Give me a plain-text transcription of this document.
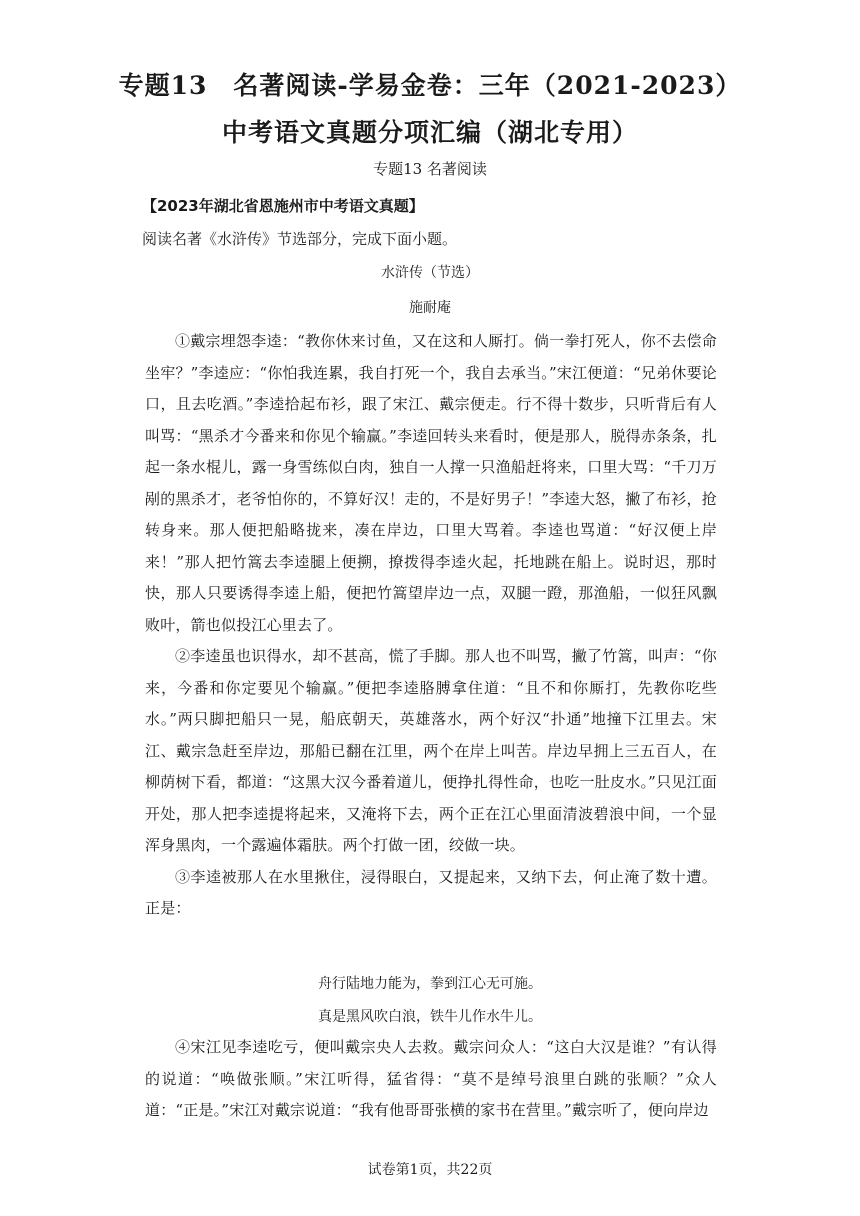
专题13　名著阅读-学易金卷：三年（2021-2023）
中考语文真题分项汇编（湖北专用）
专题13 名著阅读
【2023年湖北省恩施州市中考语文真题】
阅读名著《水浒传》节选部分，完成下面小题。
水浒传（节选）
施耐庵

①戴宗埋怨李逵：“教你休来讨鱼，又在这和人厮打。倘一拳打死人，你不去偿命坐牢？”李逵应：“你怕我连累，我自打死一个，我自去承当。”宋江便道：“兄弟休要论口，且去吃酒。”李逵拾起布衫，跟了宋江、戴宗便走。行不得十数步，只听背后有人叫骂：“黑杀才今番来和你见个输赢。”李逵回转头来看时，便是那人，脱得赤条条，扎起一条水棍儿，露一身雪练似白肉，独自一人撑一只渔船赶将来，口里大骂：“千刀万剐的黑杀才，老爷怕你的，不算好汉！走的，不是好男子！”李逵大怒，撇了布衫，抢转身来。那人便把船略拢来，凑在岸边，口里大骂着。李逵也骂道：“好汉便上岸来！”那人把竹篙去李逵腿上便搠，撩拨得李逵火起，托地跳在船上。说时迟，那时快，那人只要诱得李逵上船，便把竹篙望岸边一点，双腿一蹬，那渔船，一似狂风飘败叶，箭也似投江心里去了。

②李逵虽也识得水，却不甚高，慌了手脚。那人也不叫骂，撇了竹篙，叫声：“你来，今番和你定要见个输赢。”便把李逵胳膊拿住道：“且不和你厮打，先教你吃些水。”两只脚把船只一晃，船底朝天，英雄落水，两个好汉“扑通”地撞下江里去。宋江、戴宗急赶至岸边，那船已翻在江里，两个在岸上叫苦。岸边早拥上三五百人，在柳荫树下看，都道：“这黑大汉今番着道儿，便挣扎得性命，也吃一肚皮水。”只见江面开处，那人把李逵提将起来，又淹将下去，两个正在江心里面清波碧浪中间，一个显浑身黑肉，一个露遍体霜肤。两个打做一团，绞做一块。

③李逵被那人在水里揪住，浸得眼白，又提起来，又纳下去，何止淹了数十遭。正是：

舟行陆地力能为，拳到江心无可施。
真是黑风吹白浪，铁牛儿作水牛儿。

④宋江见李逵吃亏，便叫戴宗央人去救。戴宗问众人：“这白大汉是谁？”有认得的说道：“唤做张顺。”宋江听得，猛省得：“莫不是绰号浪里白跳的张顺？”众人道：“正是。”宋江对戴宗说道：“我有他哥哥张横的家书在营里。”戴宗听了，便向岸边

试卷第1页，共22页
